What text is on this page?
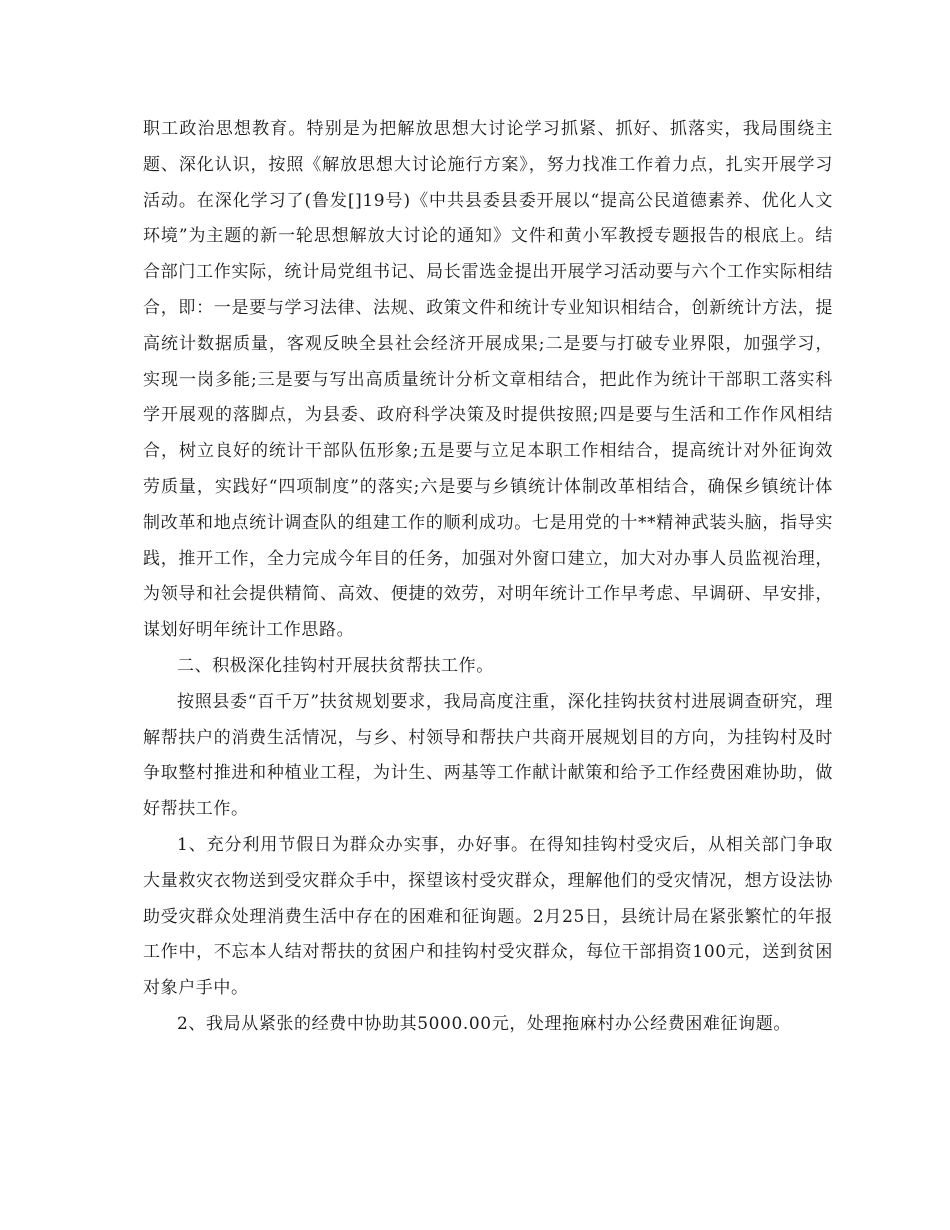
职工政治思想教育。特别是为把解放思想大讨论学习抓紧、抓好、抓落实，我局围绕主题、深化认识，按照《解放思想大讨论施行方案》，努力找准工作着力点，扎实开展学习活动。在深化学习了(鲁发[]19号)《中共县委县委开展以“提高公民道德素养、优化人文环境”为主题的新一轮思想解放大讨论的通知》文件和黄小军教授专题报告的根底上。结合部门工作实际，统计局党组书记、局长雷选金提出开展学习活动要与六个工作实际相结合，即：一是要与学习法律、法规、政策文件和统计专业知识相结合，创新统计方法，提高统计数据质量，客观反映全县社会经济开展成果;二是要与打破专业界限，加强学习，实现一岗多能;三是要与写出高质量统计分析文章相结合，把此作为统计干部职工落实科学开展观的落脚点，为县委、政府科学决策及时提供按照;四是要与生活和工作作风相结合，树立良好的统计干部队伍形象;五是要与立足本职工作相结合，提高统计对外征询效劳质量，实践好“四项制度”的落实;六是要与乡镇统计体制改革相结合，确保乡镇统计体制改革和地点统计调查队的组建工作的顺利成功。七是用党的十**精神武装头脑，指导实践，推开工作，全力完成今年目的任务，加强对外窗口建立，加大对办事人员监视治理，为领导和社会提供精简、高效、便捷的效劳，对明年统计工作早考虑、早调研、早安排，谋划好明年统计工作思路。

二、积极深化挂钩村开展扶贫帮扶工作。

按照县委“百千万”扶贫规划要求，我局高度注重，深化挂钩扶贫村进展调查研究，理解帮扶户的消费生活情况，与乡、村领导和帮扶户共商开展规划目的方向，为挂钩村及时争取整村推进和种植业工程，为计生、两基等工作献计献策和给予工作经费困难协助，做好帮扶工作。

1、充分利用节假日为群众办实事，办好事。在得知挂钩村受灾后，从相关部门争取大量救灾衣物送到受灾群众手中，探望该村受灾群众，理解他们的受灾情况，想方设法协助受灾群众处理消费生活中存在的困难和征询题。2月25日，县统计局在紧张繁忙的年报工作中，不忘本人结对帮扶的贫困户和挂钩村受灾群众，每位干部捐资100元，送到贫困对象户手中。

2、我局从紧张的经费中协助其5000.00元，处理拖麻村办公经费困难征询题。
